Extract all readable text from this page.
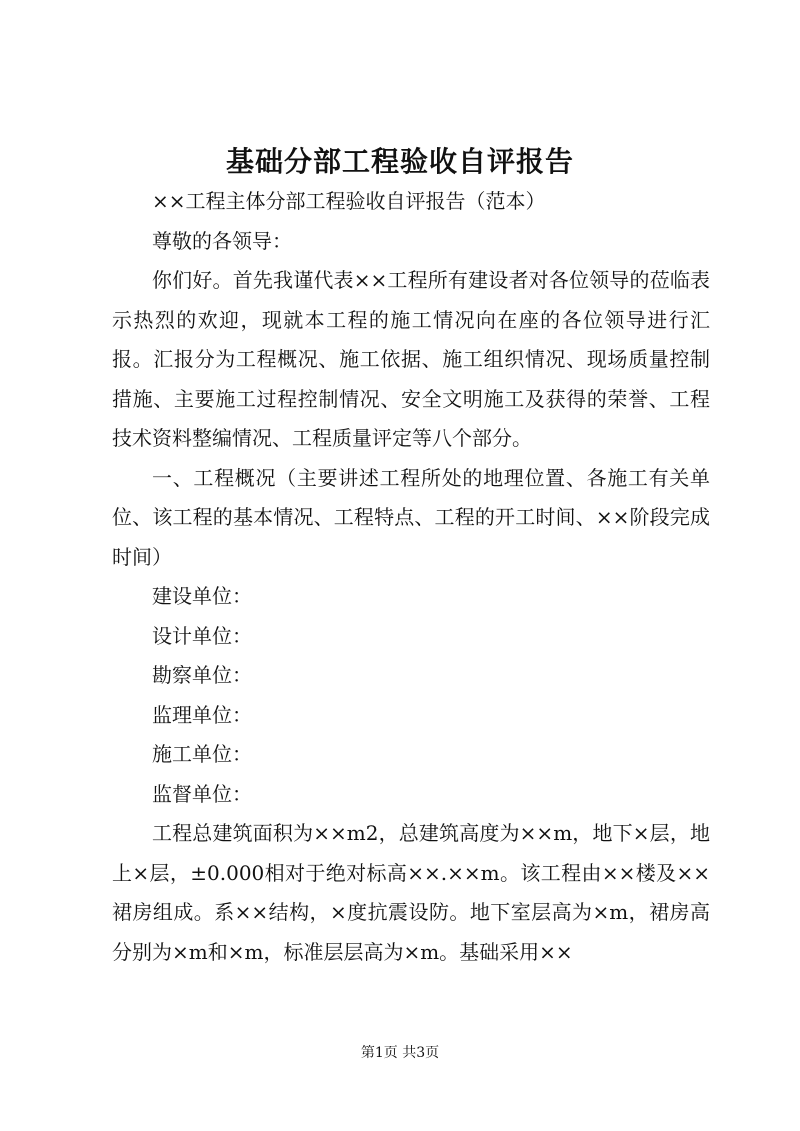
基础分部工程验收自评报告

××工程主体分部工程验收自评报告（范本）

尊敬的各领导：

你们好。首先我谨代表××工程所有建设者对各位领导的莅临表示热烈的欢迎，现就本工程的施工情况向在座的各位领导进行汇报。汇报分为工程概况、施工依据、施工组织情况、现场质量控制措施、主要施工过程控制情况、安全文明施工及获得的荣誉、工程技术资料整编情况、工程质量评定等八个部分。

一、工程概况（主要讲述工程所处的地理位置、各施工有关单位、该工程的基本情况、工程特点、工程的开工时间、××阶段完成时间）

建设单位：

设计单位：

勘察单位：

监理单位：

施工单位：

监督单位：

工程总建筑面积为××m2，总建筑高度为××m，地下×层，地上×层，±0.000相对于绝对标高××.××m。该工程由××楼及××裙房组成。系××结构，×度抗震设防。地下室层高为×m，裙房高分别为×m和×m，标准层层高为×m。基础采用××

第1页 共3页
